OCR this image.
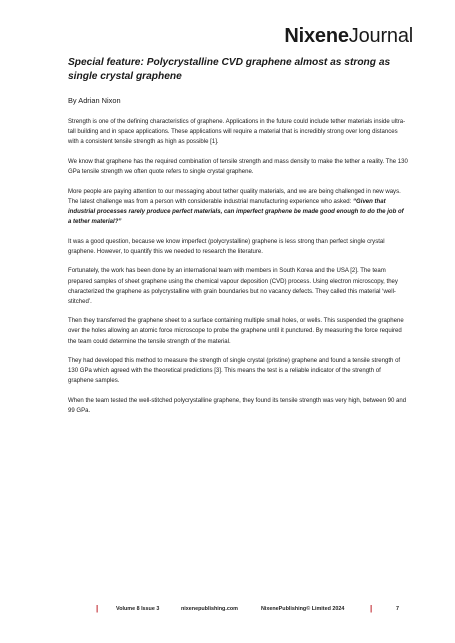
NixeneJournal
Special feature: Polycrystalline CVD graphene almost as strong as single crystal graphene

By Adrian Nixon

Strength is one of the defining characteristics of graphene. Applications in the future could include tether materials inside ultra-tall building and in space applications. These applications will require a material that is incredibly strong over long distances with a consistent tensile strength as high as possible [1].

We know that graphene has the required combination of tensile strength and mass density to make the tether a reality. The 130 GPa tensile strength we often quote refers to single crystal graphene.

More people are paying attention to our messaging about tether quality materials, and we are being challenged in new ways. The latest challenge was from a person with considerable industrial manufacturing experience who asked: “Given that industrial processes rarely produce perfect materials, can imperfect graphene be made good enough to do the job of a tether material?”

It was a good question, because we know imperfect (polycrystalline) graphene is less strong than perfect single crystal graphene. However, to quantify this we needed to research the literature.

Fortunately, the work has been done by an international team with members in South Korea and the USA [2]. The team prepared samples of sheet graphene using the chemical vapour deposition (CVD) process. Using electron microscopy, they characterized the graphene as polycrystalline with grain boundaries but no vacancy defects. They called this material ‘well-stitched’.

Then they transferred the graphene sheet to a surface containing multiple small holes, or wells. This suspended the graphene over the holes allowing an atomic force microscope to probe the graphene until it punctured. By measuring the force required the team could determine the tensile strength of the material.

They had developed this method to measure the strength of single crystal (pristine) graphene and found a tensile strength of 130 GPa which agreed with the theoretical predictions [3]. This means the test is a reliable indicator of the strength of graphene samples.

When the team tested the well-stitched polycrystalline graphene, they found its tensile strength was very high, between 90 and 99 GPa.

|	Volume 8 Issue 3	nixenepublishing.com	NixenePublishing© Limited 2024	|	7
